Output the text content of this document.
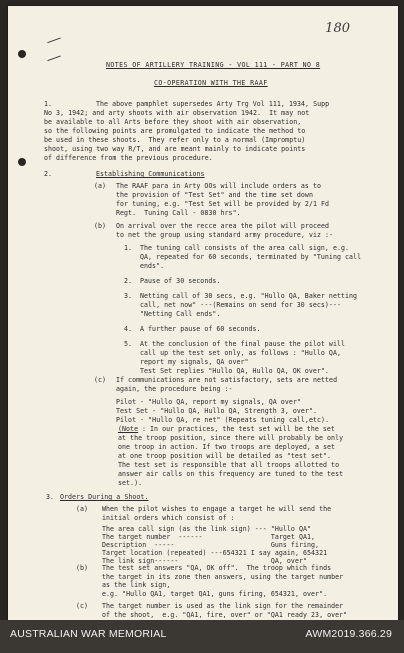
180
NOTES OF ARTILLERY TRAINING - VOL 111 - PART NO 8
CO-OPERATION WITH THE RAAF
1.	The above pamphlet supersedes Arty Trg Vol 111, 1934, Supp
No 3, 1942; and arty shoots with air observation 1942.  It may not
be available to all Arts before they shoot with air observation,
so the following points are promulgated to indicate the method to
be used in these shoots.  They refer only to a normal (Impromptu)
shoot, using two way R/T, and are meant mainly to indicate points
of difference from the previous procedure.
2.	Establishing Communications
(a) The RAAF para in Arty OOs will include orders as to
the provision of "Test Set" and the time set down
for tuning, e.g. "Test Set will be provided by 2/1 Fd
Regt.  Tuning Call - 0830 hrs".
(b) On arrival over the recce area the pilot will proceed
to net the group using standard army procedure, viz :-
1. The tuning call consists of the area call sign, e.g.
QA, repeated for 60 seconds, terminated by "Tuning call
ends".
2. Pause of 30 seconds.
3. Netting call of 30 secs, e.g. "Hullo QA, Baker netting
call, net now" ---(Remains on send for 30 secs)---
"Netting Call ends".
4. A further pause of 60 seconds.
5. At the conclusion of the final pause the pilot will
call up the test set only, as follows : "Hullo QA,
report my signals, QA over"
Test Set replies "Hullo QA, Hullo QA, OK over".
(c) If communications are not satisfactory, sets are netted
again, the procedure being :-
Pilot - "Hullo QA, report my signals, QA over"
Test Set - "Hullo QA, Hullo QA, Strength 3, over".
Pilot - "Hullo QA, re net" (Repeats tuning call,etc).
(Note : In our practices, the test set will be the set
at the troop position, since there will probably be only
one troop in action. If two troops are deployed, a set
at one troop position will be detailed as "test set".
The test set is responsible that all troops allotted to
answer air calls on this frequency are tuned to the test
set.).
3. Orders During a Shoot.
(a) When the pilot wishes to engage a target he will send the
initial orders which consist of :
The area call sign (as the link sign) --- "Hullo QA"
The target number  ------                 Target QA1,
Description  -----                        Guns firing,
Target location (repeated) ---654321 I say again, 654321
The link sign------                       QA, over"
(b) The test set answers "QA, OK off".  The troop which finds
the target in its zone then answers, using the target number
as the link sign,
e.g. "Hullo QA1, target QA1, guns firing, 654321, over".
(c) The target number is used as the link sign for the remainder
of the shoot,  e.g. "QA1, fire, over" or "QA1 ready 23, over"
AUSTRALIAN WAR MEMORIAL	AWM2019.366.29
